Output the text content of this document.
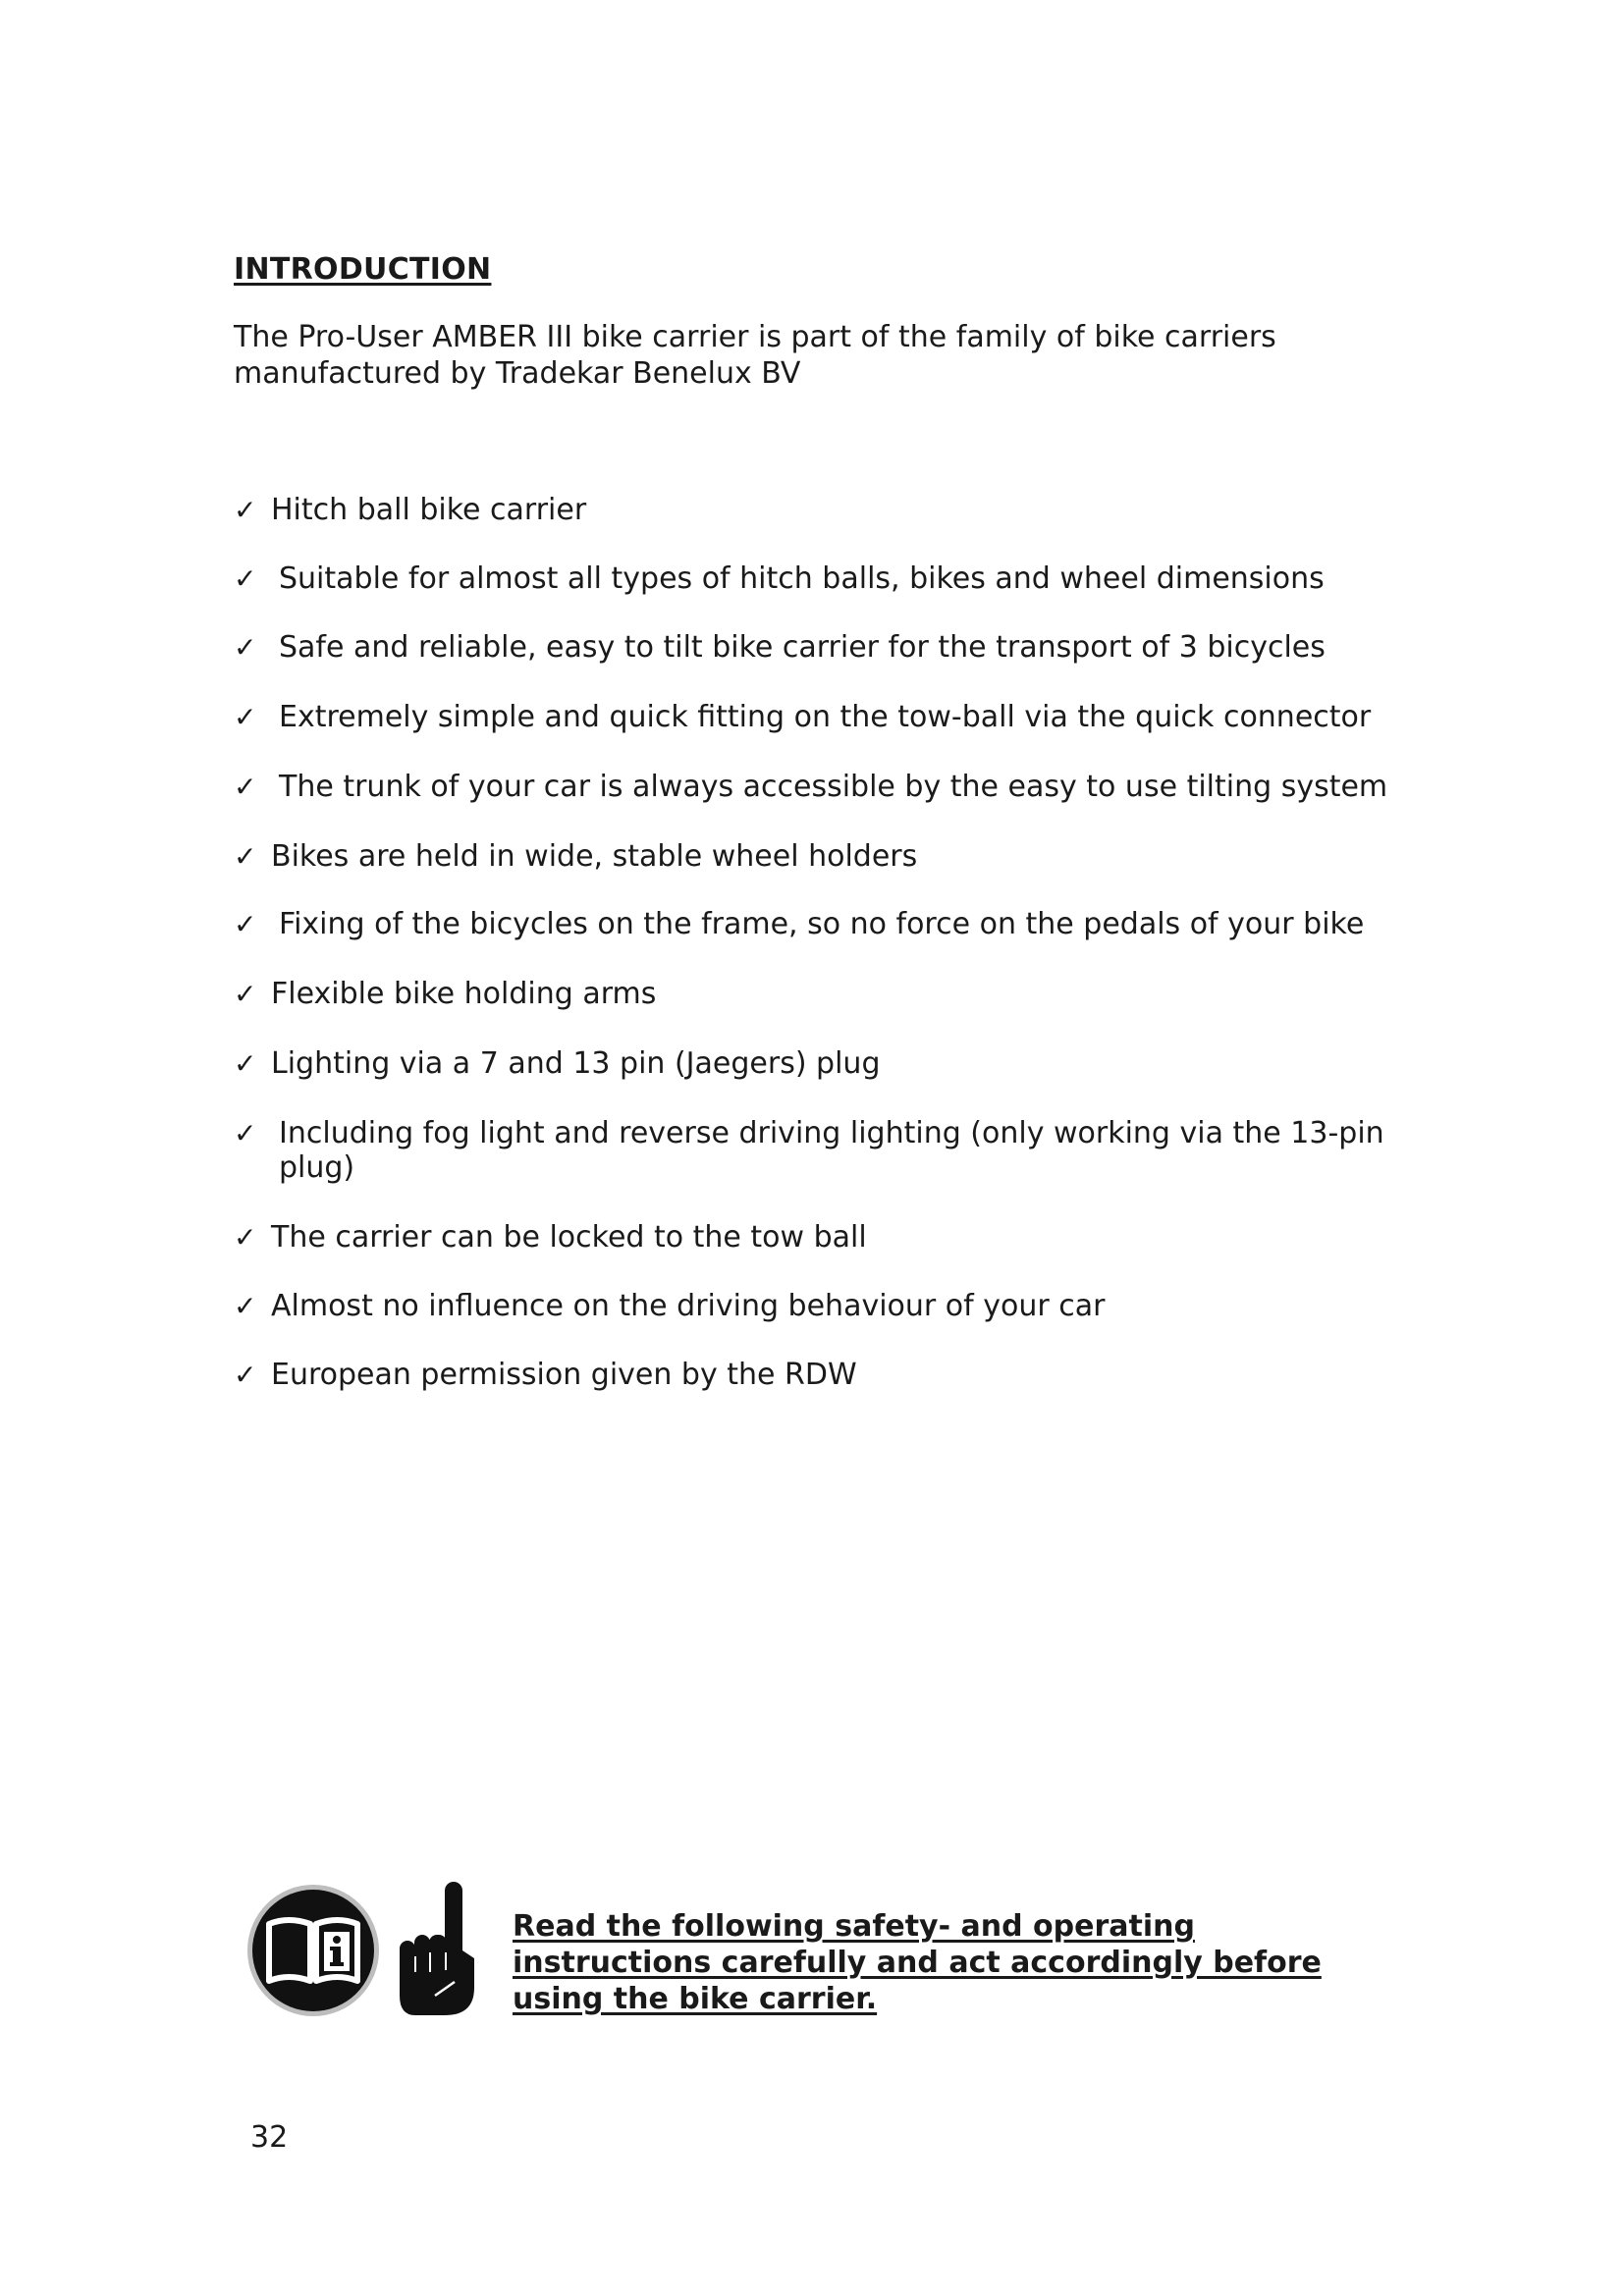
INTRODUCTION

The Pro-User AMBER III bike carrier is part of the family of bike carriers manufactured by Tradekar Benelux BV

✓ Hitch ball bike carrier
✓ Suitable for almost all types of hitch balls, bikes and wheel dimensions
✓ Safe and reliable, easy to tilt bike carrier for the transport of 3 bicycles
✓ Extremely simple and quick fitting on the tow-ball via the quick connector
✓ The trunk of your car is always accessible by the easy to use tilting system
✓ Bikes are held in wide, stable wheel holders
✓ Fixing of the bicycles on the frame, so no force on the pedals of your bike
✓ Flexible bike holding arms
✓ Lighting via a 7 and 13 pin (Jaegers) plug
✓ Including fog light and reverse driving lighting (only working via the 13-pin plug)
✓ The carrier can be locked to the tow ball
✓ Almost no influence on the driving behaviour of your car
✓ European permission given by the RDW

Read the following safety- and operating instructions carefully and act accordingly before using the bike carrier.

32
